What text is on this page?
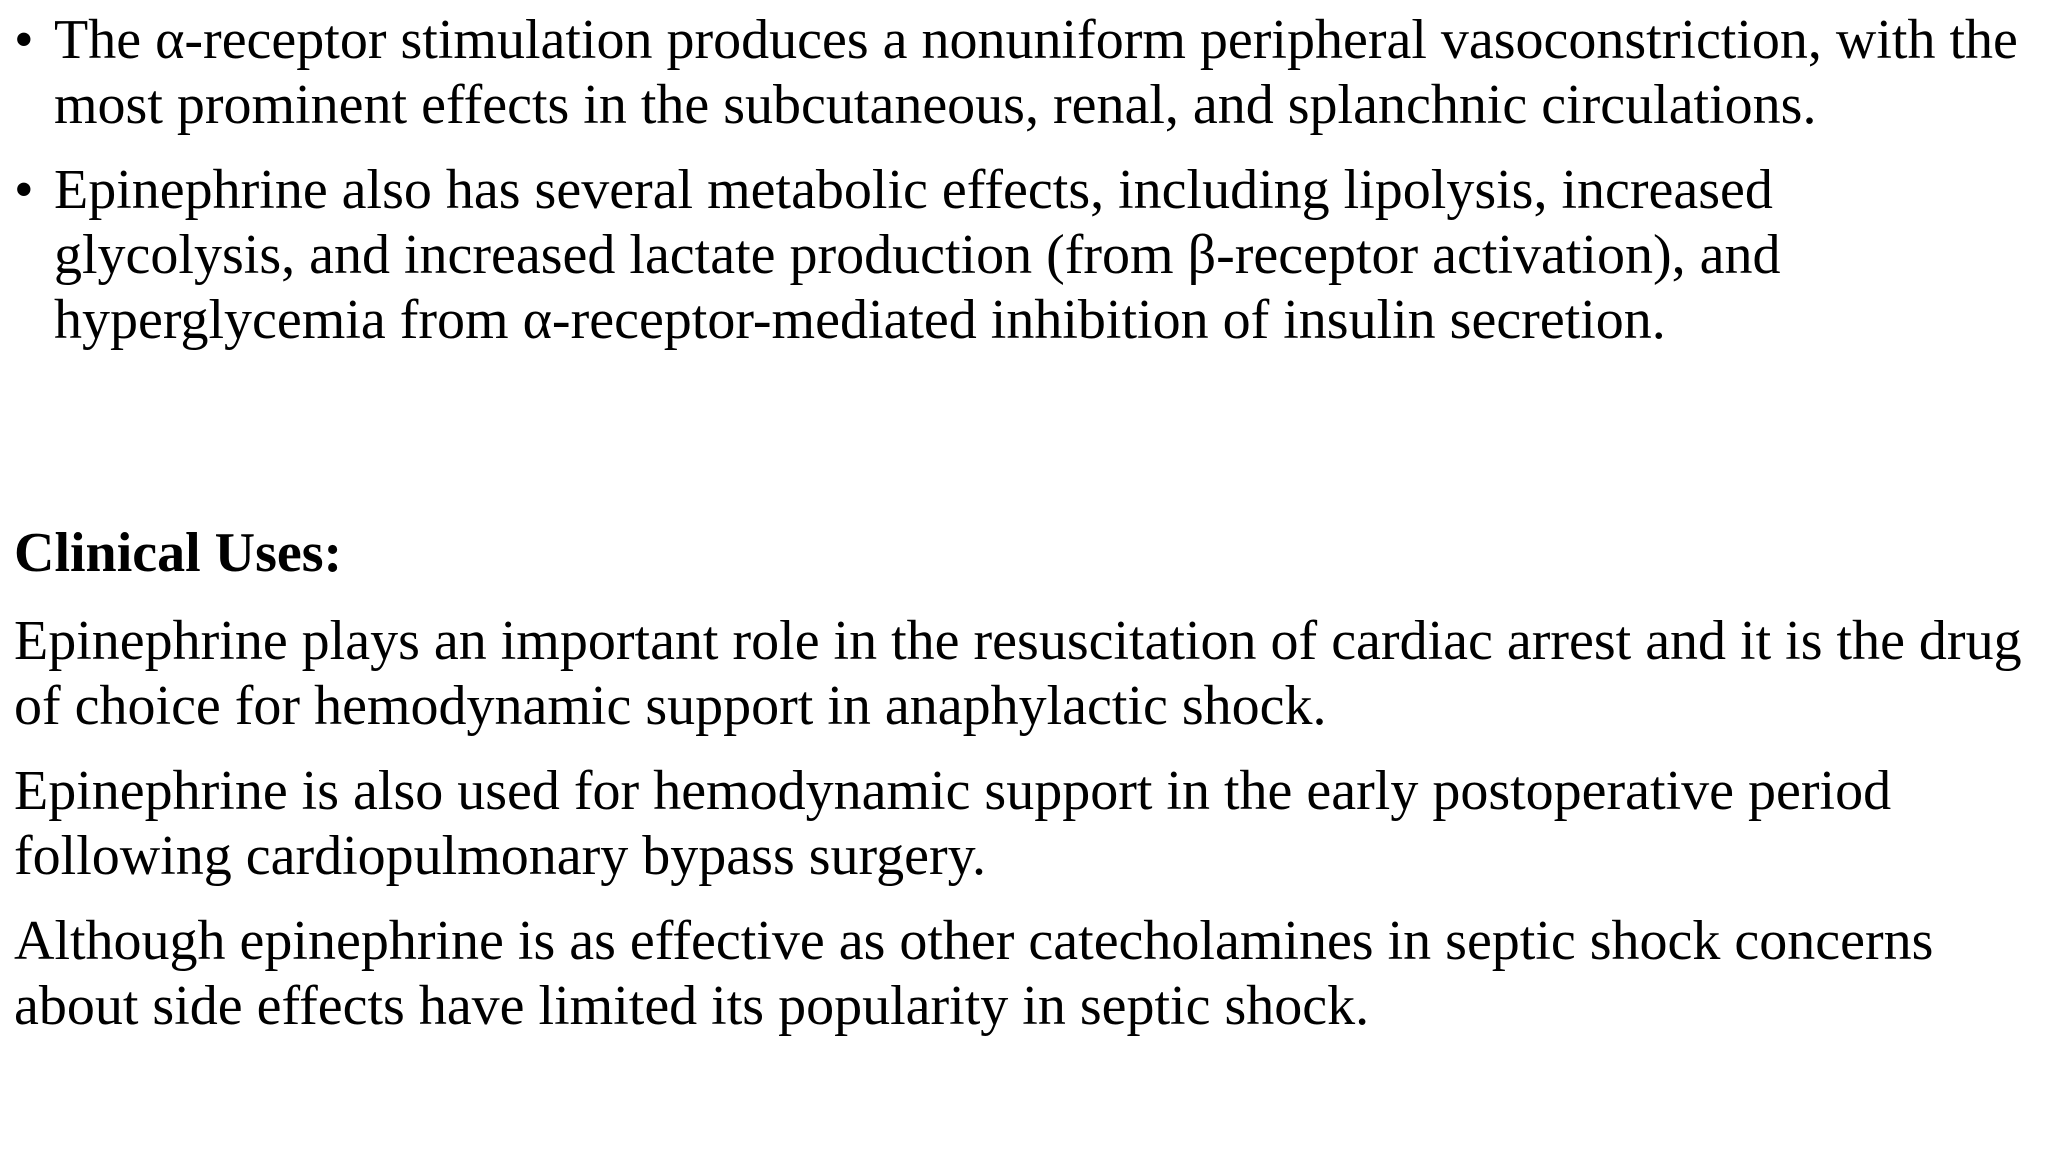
• The α-receptor stimulation produces a nonuniform peripheral vasoconstriction, with the most prominent effects in the subcutaneous, renal, and splanchnic circulations.
• Epinephrine also has several metabolic effects, including lipolysis, increased glycolysis, and increased lactate production (from β-receptor activation), and hyperglycemia from α-receptor-mediated inhibition of insulin secretion.
Clinical Uses:

Epinephrine plays an important role in the resuscitation of cardiac arrest and it is the drug of choice for hemodynamic support in anaphylactic shock.

Epinephrine is also used for hemodynamic support in the early postoperative period following cardiopulmonary bypass surgery.

Although epinephrine is as effective as other catecholamines in septic shock concerns about side effects have limited its popularity in septic shock.
